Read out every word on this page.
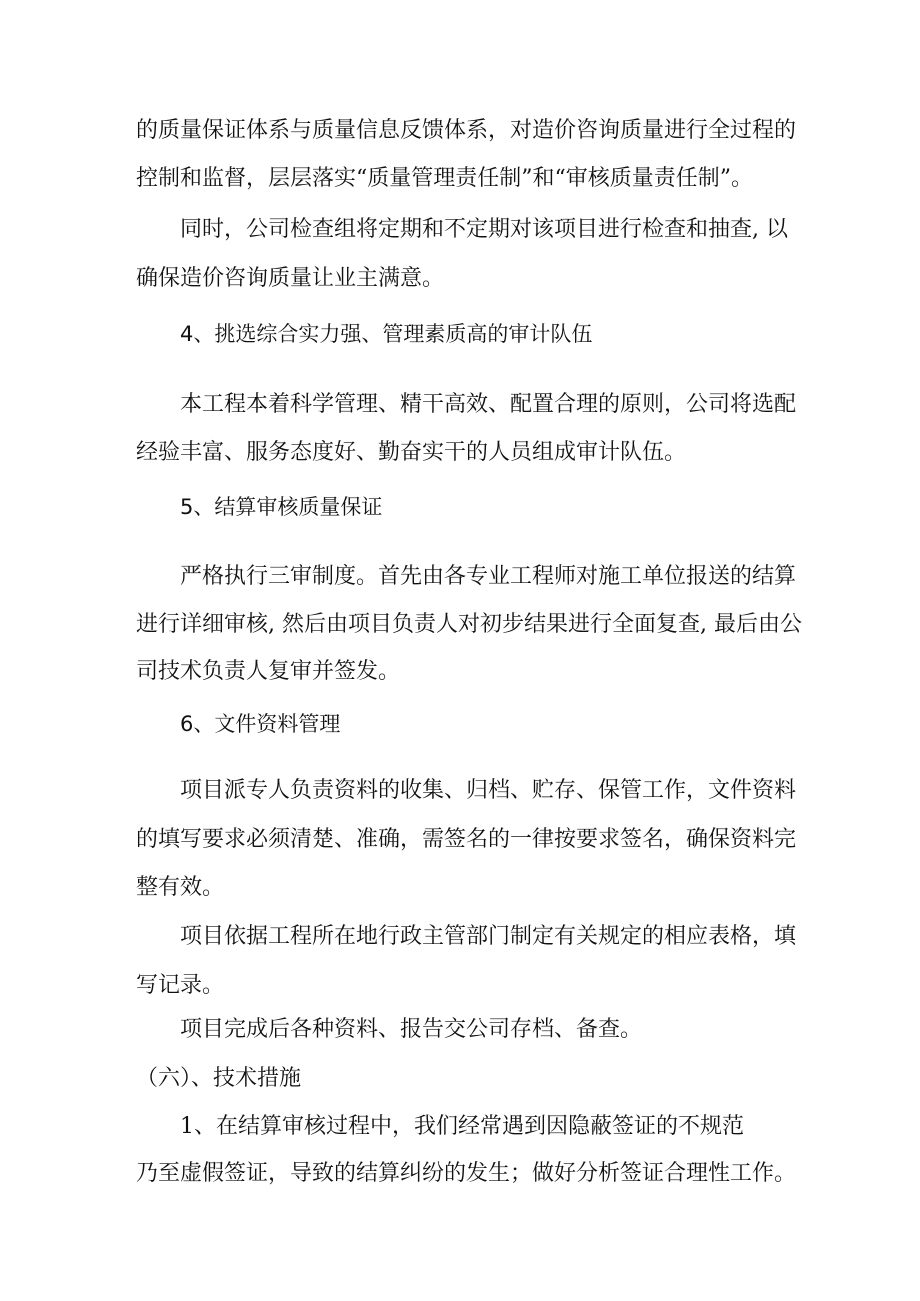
的质量保证体系与质量信息反馈体系，对造价咨询质量进行全过程的
控制和监督，层层落实“质量管理责任制”和“审核质量责任制”。
同时，公司检查组将定期和不定期对该项目进行检查和抽查, 以
确保造价咨询质量让业主满意。
4、挑选综合实力强、管理素质高的审计队伍
本工程本着科学管理、精干高效、配置合理的原则，公司将选配
经验丰富、服务态度好、勤奋实干的人员组成审计队伍。
5、结算审核质量保证
严格执行三审制度。首先由各专业工程师对施工单位报送的结算
进行详细审核, 然后由项目负责人对初步结果进行全面复查, 最后由公
司技术负责人复审并签发。
6、文件资料管理
项目派专人负责资料的收集、归档、贮存、保管工作，文件资料
的填写要求必须清楚、准确，需签名的一律按要求签名，确保资料完
整有效。
项目依据工程所在地行政主管部门制定有关规定的相应表格，填
写记录。
项目完成后各种资料、报告交公司存档、备查。
（六）、技术措施
1、在结算审核过程中，我们经常遇到因隐蔽签证的不规范
乃至虚假签证，导致的结算纠纷的发生；做好分析签证合理性工作。
